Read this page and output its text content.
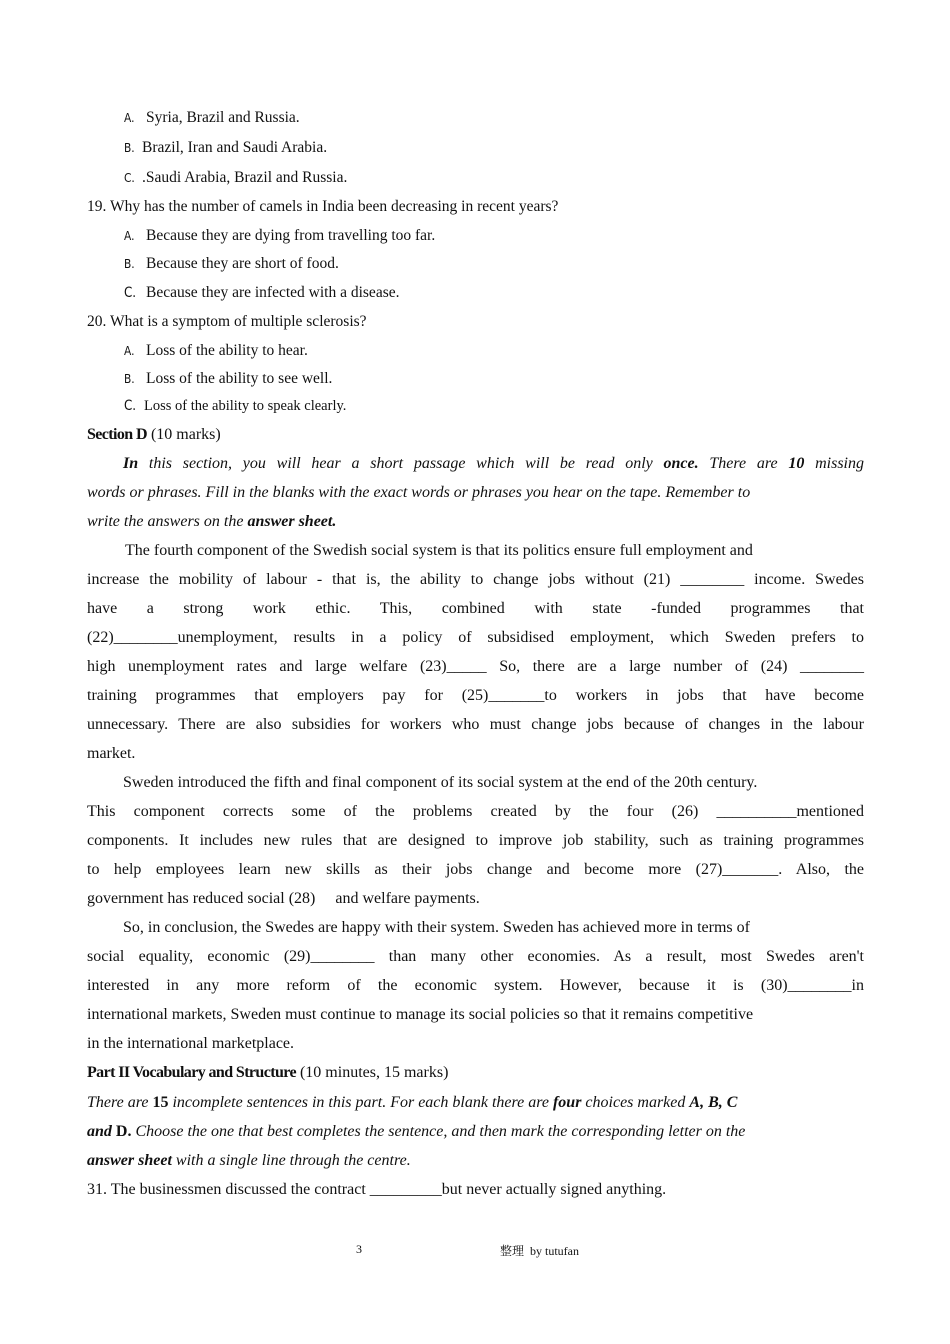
A. Syria, Brazil and Russia.
B. Brazil, Iran and Saudi Arabia.
C. .Saudi Arabia, Brazil and Russia.
19. Why has the number of camels in India been decreasing in recent years?
A. Because they are dying from travelling too far.
B. Because they are short of food.
C. Because they are infected with a disease.
20. What is a symptom of multiple sclerosis?
A. Loss of the ability to hear.
B. Loss of the ability to see well.
C. Loss of the ability to speak clearly.
Section D (10 marks)
In this section, you will hear a short passage which will be read only once. There are 10 missing
words or phrases. Fill in the blanks with the exact words or phrases you hear on the tape. Remember to
write the answers on the answer sheet.
The fourth component of the Swedish social system is that its politics ensure full employment and
increase the mobility of labour - that is, the ability to change jobs without (21) ________ income. Swedes
have a strong work ethic. This, combined with state -funded programmes that
(22)________unemployment, results in a policy of subsidised employment, which Sweden prefers to
high unemployment rates and large welfare (23)_____ So, there are a large number of (24) ________
training programmes that employers pay for (25)_______to workers in jobs that have become
unnecessary. There are also subsidies for workers who must change jobs because of changes in the labour
market.
Sweden introduced the fifth and final component of its social system at the end of the 20th century.
This component corrects some of the problems created by the four (26) __________mentioned
components. It includes new rules that are designed to improve job stability, such as training programmes
to help employees learn new skills as their jobs change and become more (27)_______. Also, the
government has reduced social (28)     and welfare payments.
So, in conclusion, the Swedes are happy with their system. Sweden has achieved more in terms of
social equality, economic (29)________ than many other economies. As a result, most Swedes aren't
interested in any more reform of the economic system. However, because it is (30)________in
international markets, Sweden must continue to manage its social policies so that it remains competitive
in the international marketplace.
Part II Vocabulary and Structure (10 minutes, 15 marks)
There are 15 incomplete sentences in this part. For each blank there are four choices marked A, B, C
and D. Choose the one that best completes the sentence, and then mark the corresponding letter on the
answer sheet with a single line through the centre.
31. The businessmen discussed the contract _________but never actually signed anything.
3	整理  by tutufan
